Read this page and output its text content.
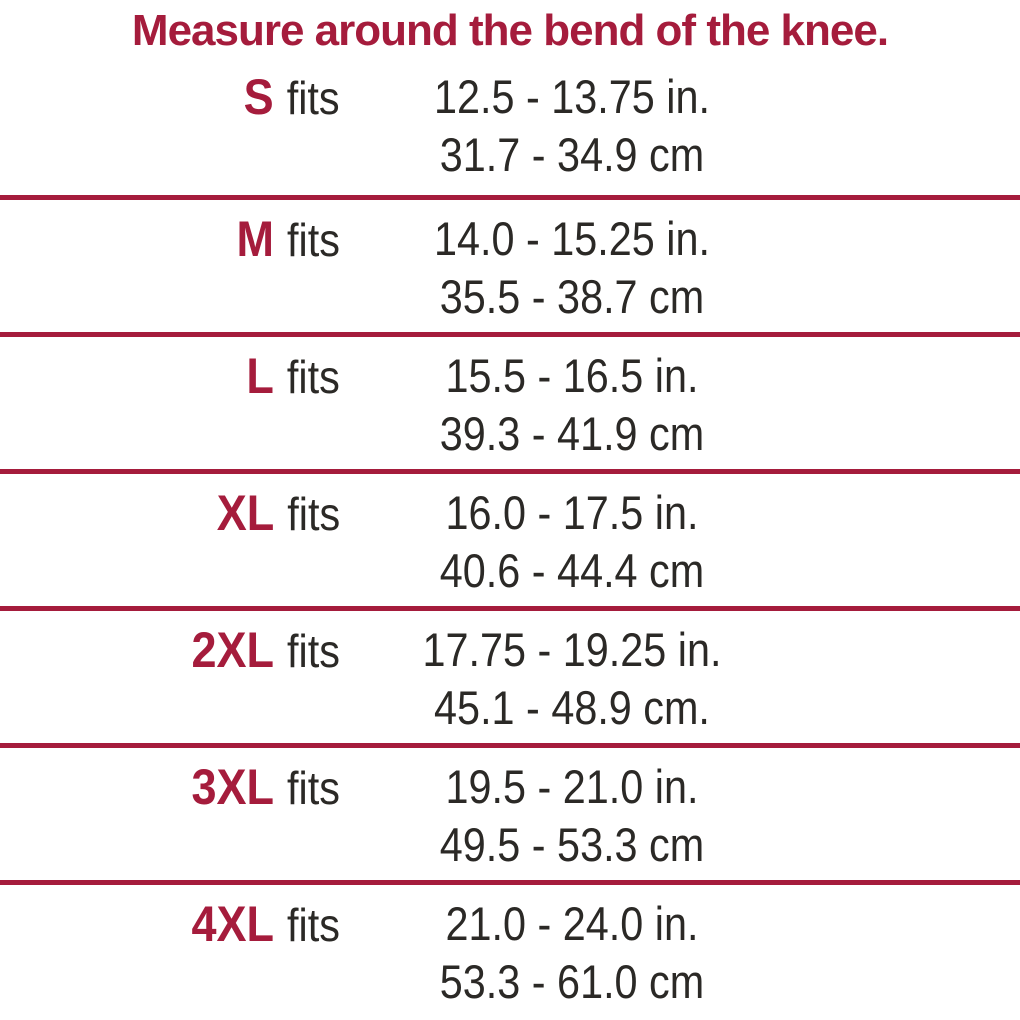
Measure around the bend of the knee.
S fits	12.5 - 13.75 in.
31.7 - 34.9 cm
M fits	14.0 - 15.25 in.
35.5 - 38.7 cm
L fits	15.5 - 16.5 in.
39.3 - 41.9 cm
XL fits	16.0 - 17.5 in.
40.6 - 44.4 cm
2XL fits	17.75 - 19.25 in.
45.1 - 48.9 cm.
3XL fits	19.5 - 21.0 in.
49.5 - 53.3 cm
4XL fits	21.0 - 24.0 in.
53.3 - 61.0 cm
